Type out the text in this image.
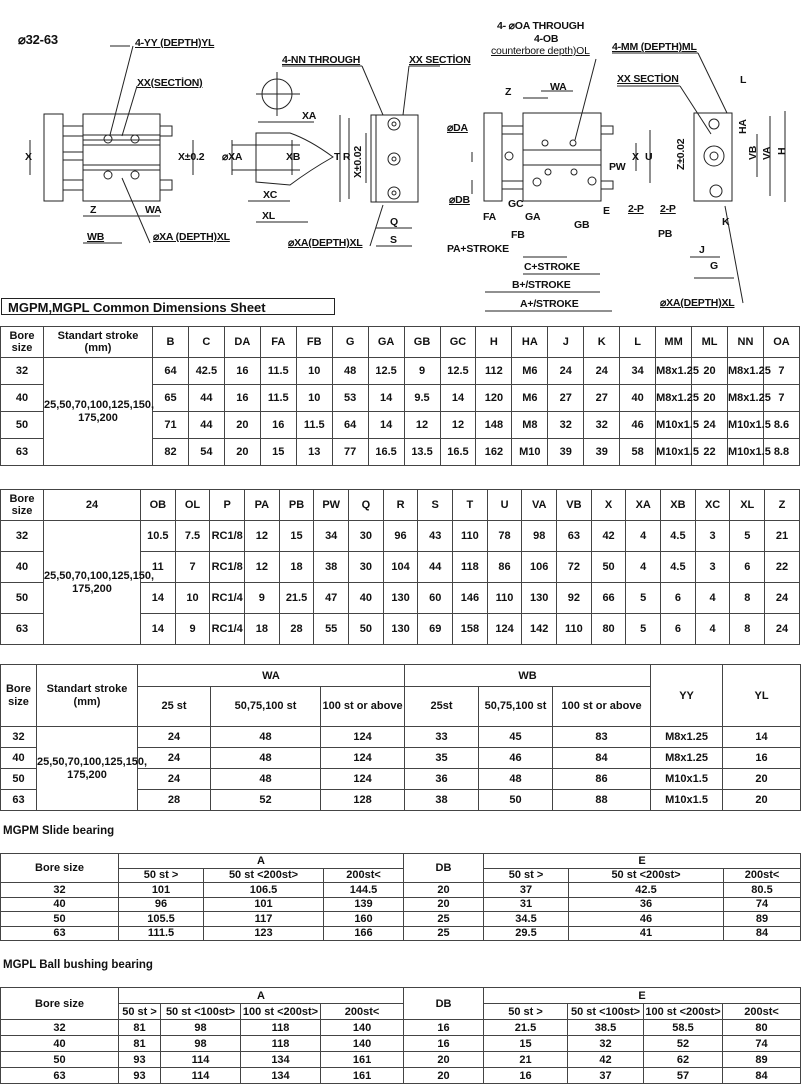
⌀32-63	4-YY (DEPTH)YL
XX(SECTİON)
X	X±0.2
Z	WA
WB	⌀XA (DEPTH)XL
4-NN THROUGH	XX SECTİON
XA
⌀XA	XB	T R X±0.02
XC
XL	Q
S
⌀XA(DEPTH)XL
4- ⌀OA THROUGH
4-OB
counterbore depth)OL 4-MM (DEPTH)ML
XX SECTİON	L
Z	WA
⌀DA
X U
PW
HA
VB VA H
Z±0.02
⌀DB	GC
GA	E 2-P 2-P
FA
GB
FB
K
PA+STROKE
PB
J
C+STROKE	G
B+/STROKE
A+/STROKE	⌀XA(DEPTH)XL
MGPM,MGPL Common Dimensions Sheet
Bore size	Standart stroke (mm)	B	C	DA	FA	FB	G	GA	GB	GC	H	HA	J	K	L	MM	ML	NN	OA
32	25,50,70,100,125,150, 175,200	64	42.5	16	11.5	10	48	12.5	9	12.5	112	M6	24	24	34	M8x1.25	20	M8x1.25	7
40		65	44	16	11.5	10	53	14	9.5	14	120	M6	27	27	40	M8x1.25	20	M8x1.25	7
50		71	44	20	16	11.5	64	14	12	12	148	M8	32	32	46	M10x1.5	24	M10x1.5	8.6
63		82	54	20	15	13	77	16.5	13.5	16.5	162	M10	39	39	58	M10x1.5	22	M10x1.5	8.8
Bore size	24	OB	OL	P	PA	PB	PW	Q	R	S	T	U	VA	VB	X	XA	XB	XC	XL	Z
32	25,50,70,100,125,150, 175,200	10.5	7.5	RC1/8	12	15	34	30	96	43	110	78	98	63	42	4	4.5	3	5	21
40		11	7	RC1/8	12	18	38	30	104	44	118	86	106	72	50	4	4.5	3	6	22
50		14	10	RC1/4	9	21.5	47	40	130	60	146	110	130	92	66	5	6	4	8	24
63		14	9	RC1/4	18	28	55	50	130	69	158	124	142	110	80	5	6	4	8	24
Bore size	Standart stroke (mm)	WA			WB			YY	YL
		25 st	50,75,100 st	100 st or above	25st	50,75,100 st	100 st or above		
32	25,50,70,100,125,150, 175,200	24	48	124	33	45	83	M8x1.25	14
40		24	48	124	35	46	84	M8x1.25	16
50		24	48	124	36	48	86	M10x1.5	20
63		28	52	128	38	50	88	M10x1.5	20
MGPM Slide bearing
Bore size	A			DB	E		
	50 st >	50 st <200st>	200st<		50 st >	50 st <200st>	200st<
32	101	106.5	144.5	20	37	42.5	80.5
40	96	101	139	20	31	36	74
50	105.5	117	160	25	34.5	46	89
63	111.5	123	166	25	29.5	41	84
MGPL Ball bushing bearing
Bore size	A				DB	E			
	50 st >	50 st <100st>	100 st <200st>	200st<		50 st >	50 st <100st>	100 st <200st>	200st<
32	81	98	118	140	16	21.5	38.5	58.5	80
40	81	98	118	140	16	15	32	52	74
50	93	114	134	161	20	21	42	62	89
63	93	114	134	161	20	16	37	57	84
